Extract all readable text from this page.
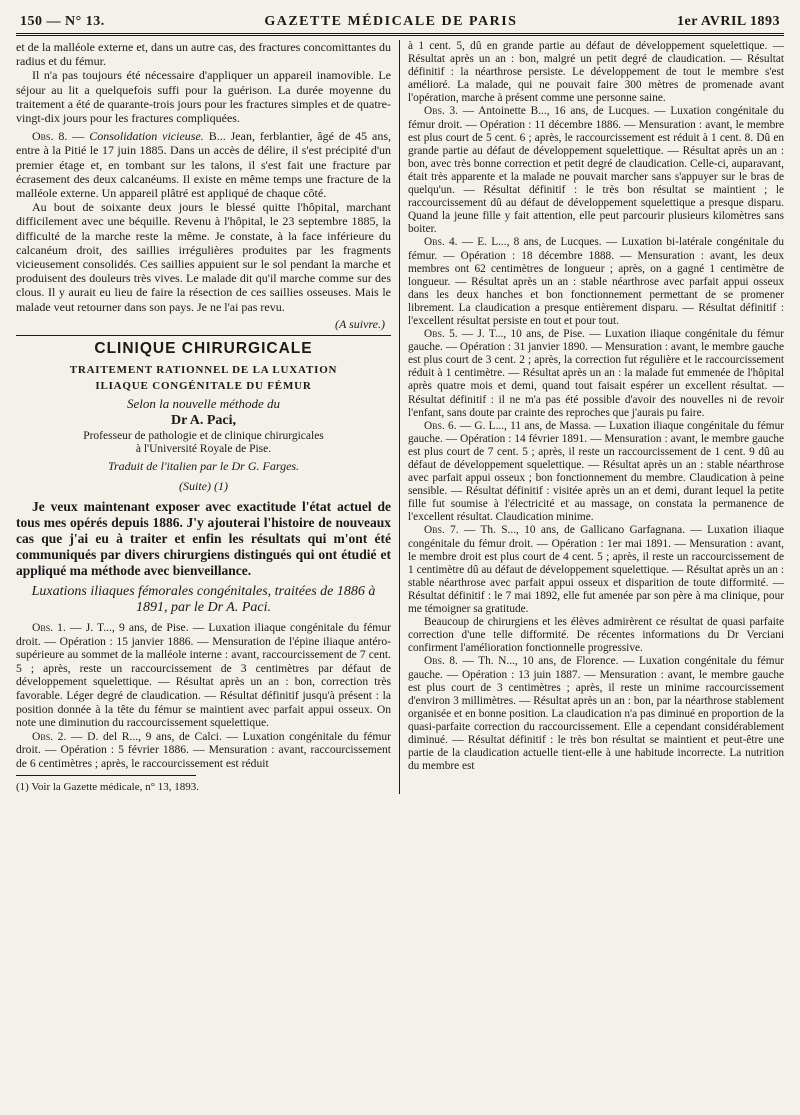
150 — N° 13.	GAZETTE MÉDICALE DE PARIS	1er AVRIL 1893

et de la malléole externe et, dans un autre cas, des fractures concomittantes du radius et du fémur.

Il n'a pas toujours été nécessaire d'appliquer un appareil inamovible. Le séjour au lit a quelquefois suffi pour la guérison. La durée moyenne du traitement a été de quarante-trois jours pour les fractures simples et de quatre-vingt-dix jours pour les fractures compliquées.

Obs. 8. — Consolidation vicieuse. B... Jean, ferblantier, âgé de 45 ans, entre à la Pitié le 17 juin 1885. Dans un accès de délire, il s'est précipité d'un premier étage et, en tombant sur les talons, il s'est fait une fracture par écrasement des deux calcanéums. Il existe en même temps une fracture de la malléole externe. Un appareil plâtré est appliqué de chaque côté.

Au bout de soixante deux jours le blessé quitte l'hôpital, marchant difficilement avec une béquille. Revenu à l'hôpital, le 23 septembre 1885, la difficulté de la marche reste la même. Je constate, à la face inférieure du calcanéum droit, des saillies irrégulières produites par les fragments vicieusement consolidés. Ces saillies appuient sur le sol pendant la marche et produisent des douleurs très vives. Le malade dit qu'il marche comme sur des clous. Il y aurait eu lieu de faire la résection de ces saillies osseuses. Mais le malade veut retourner dans son pays. Je ne l'ai pas revu.

(A suivre.)
CLINIQUE CHIRURGICALE
TRAITEMENT RATIONNEL DE LA LUXATION
ILIAQUE CONGÉNITALE DU FÉMUR
Selon la nouvelle méthode du
Dr A. Paci,
Professeur de pathologie et de clinique chirurgicales
à l'Université Royale de Pise.
Traduit de l'italien par le Dr G. Farges.
(Suite) (1)

Je veux maintenant exposer avec exactitude l'état actuel de tous mes opérés depuis 1886. J'y ajouterai l'histoire de nouveaux cas que j'ai eu à traiter et enfin les résultats qui m'ont été communiqués par divers chirurgiens distingués qui ont étudié et appliqué ma méthode avec bienveillance.

Luxations iliaques fémorales congénitales, traitées de 1886 à 1891, par le Dr A. Paci.

Obs. 1. — J. T..., 9 ans, de Pise. — Luxation iliaque congénitale du fémur droit. — Opération : 15 janvier 1886. — Mensuration de l'épine iliaque antéro-supérieure au sommet de la malléole interne : avant, raccourcissement de 7 cent. 5 ; après, reste un raccourcissement de 3 centimètres par défaut de développement squelettique. — Résultat après un an : bon, correction très favorable. Léger degré de claudication. — Résultat définitif jusqu'à présent : la position donnée à la tête du fémur se maintient avec parfait appui osseux. On note une diminution du raccourcissement squelettique.

Obs. 2. — D. del R..., 9 ans, de Calci. — Luxation congénitale du fémur droit. — Opération : 5 février 1886. — Mensuration : avant, raccourcissement de 6 centimètres ; après, le raccourcissement est réduit

(1) Voir la Gazette médicale, n° 13, 1893.

à 1 cent. 5, dû en grande partie au défaut de développement squelettique. — Résultat après un an : bon, malgré un petit degré de claudication. — Résultat définitif : la néarthrose persiste. Le développement de tout le membre s'est amélioré. La malade, qui ne pouvait faire 300 mètres de promenade avant l'opération, marche à présent comme une personne saine.

Obs. 3. — Antoinette B..., 16 ans, de Lucques. — Luxation congénitale du fémur droit. — Opération : 11 décembre 1886. — Mensuration : avant, le membre est plus court de 5 cent. 6 ; après, le raccourcissement est réduit à 1 cent. 8. Dû en grande partie au défaut de développement squelettique. — Résultat après un an : bon, avec très bonne correction et petit degré de claudication. Celle-ci, auparavant, était très apparente et la malade ne pouvait marcher sans s'appuyer sur le bras de quelqu'un. — Résultat définitif : le très bon résultat se maintient ; le raccourcissement dû au défaut de développement squelettique a presque disparu. Quand la jeune fille y fait attention, elle peut parcourir plusieurs kilomètres sans boiter.

Obs. 4. — E. L..., 8 ans, de Lucques. — Luxation bi-latérale congénitale du fémur. — Opération : 18 décembre 1888. — Mensuration : avant, les deux membres ont 62 centimètres de longueur ; après, on a gagné 1 centimètre de longueur. — Résultat après un an : stable néarthrose avec parfait appui osseux dans les deux hanches et bon fonctionnement permettant de se promener librement. La claudication a presque entièrement disparu. — Résultat définitif : l'excellent résultat persiste en tout et pour tout.

Obs. 5. — J. T..., 10 ans, de Pise. — Luxation iliaque congénitale du fémur gauche. — Opération : 31 janvier 1890. — Mensuration : avant, le membre gauche est plus court de 3 cent. 2 ; après, la correction fut régulière et le raccourcissement réduit à 1 centimètre. — Résultat après un an : la malade fut emmenée de l'hôpital après quatre mois et demi, quand tout faisait espérer un excellent résultat. — Résultat définitif : il ne m'a pas été possible d'avoir des nouvelles ni de revoir l'enfant, sans doute par crainte des reproches que j'aurais pu faire.

Obs. 6. — G. L..., 11 ans, de Massa. — Luxation iliaque congénitale du fémur gauche. — Opération : 14 février 1891. — Mensuration : avant, le membre gauche est plus court de 7 cent. 5 ; après, il reste un raccourcissement de 1 cent. 9 dû au défaut de développement squelettique. — Résultat après un an : stable néarthrose avec parfait appui osseux ; bon fonctionnement du membre. Claudication à peine sensible. — Résultat définitif : visitée après un an et demi, durant lequel la petite fille fut soumise à l'électricité et au massage, on constata la permanence de l'excellent résultat. Claudication minime.

Obs. 7. — Th. S..., 10 ans, de Gallicano Garfagnana. — Luxation iliaque congénitale du fémur droit. — Opération : 1er mai 1891. — Mensuration : avant, le membre droit est plus court de 4 cent. 5 ; après, il reste un raccourcissement de 1 centimètre dû au défaut de développement squelettique. — Résultat après un an : stable néarthrose avec parfait appui osseux et disparition de toute difformité. — Résultat définitif : le 7 mai 1892, elle fut amenée par son père à ma clinique, pour me témoigner sa gratitude.

Beaucoup de chirurgiens et les élèves admirèrent ce résultat de quasi parfaite correction d'une telle difformité. De récentes informations du Dr Verciani confirment l'amélioration fonctionnelle progressive.

Obs. 8. — Th. N..., 10 ans, de Florence. — Luxation congénitale du fémur gauche. — Opération : 13 juin 1887. — Mensuration : avant, le membre gauche est plus court de 3 centimètres ; après, il reste un minime raccourcissement d'environ 3 millimètres. — Résultat après un an : bon, par la néarthrose stablement organisée et en bonne position. La claudication n'a pas diminué en proportion de la quasi-parfaite correction du raccourcissement. Elle a cependant considérablement diminué. — Résultat définitif : le très bon résultat se maintient et peut-être une partie de la claudication actuelle tient-elle à une habitude incorrecte. La nutrition du membre est
